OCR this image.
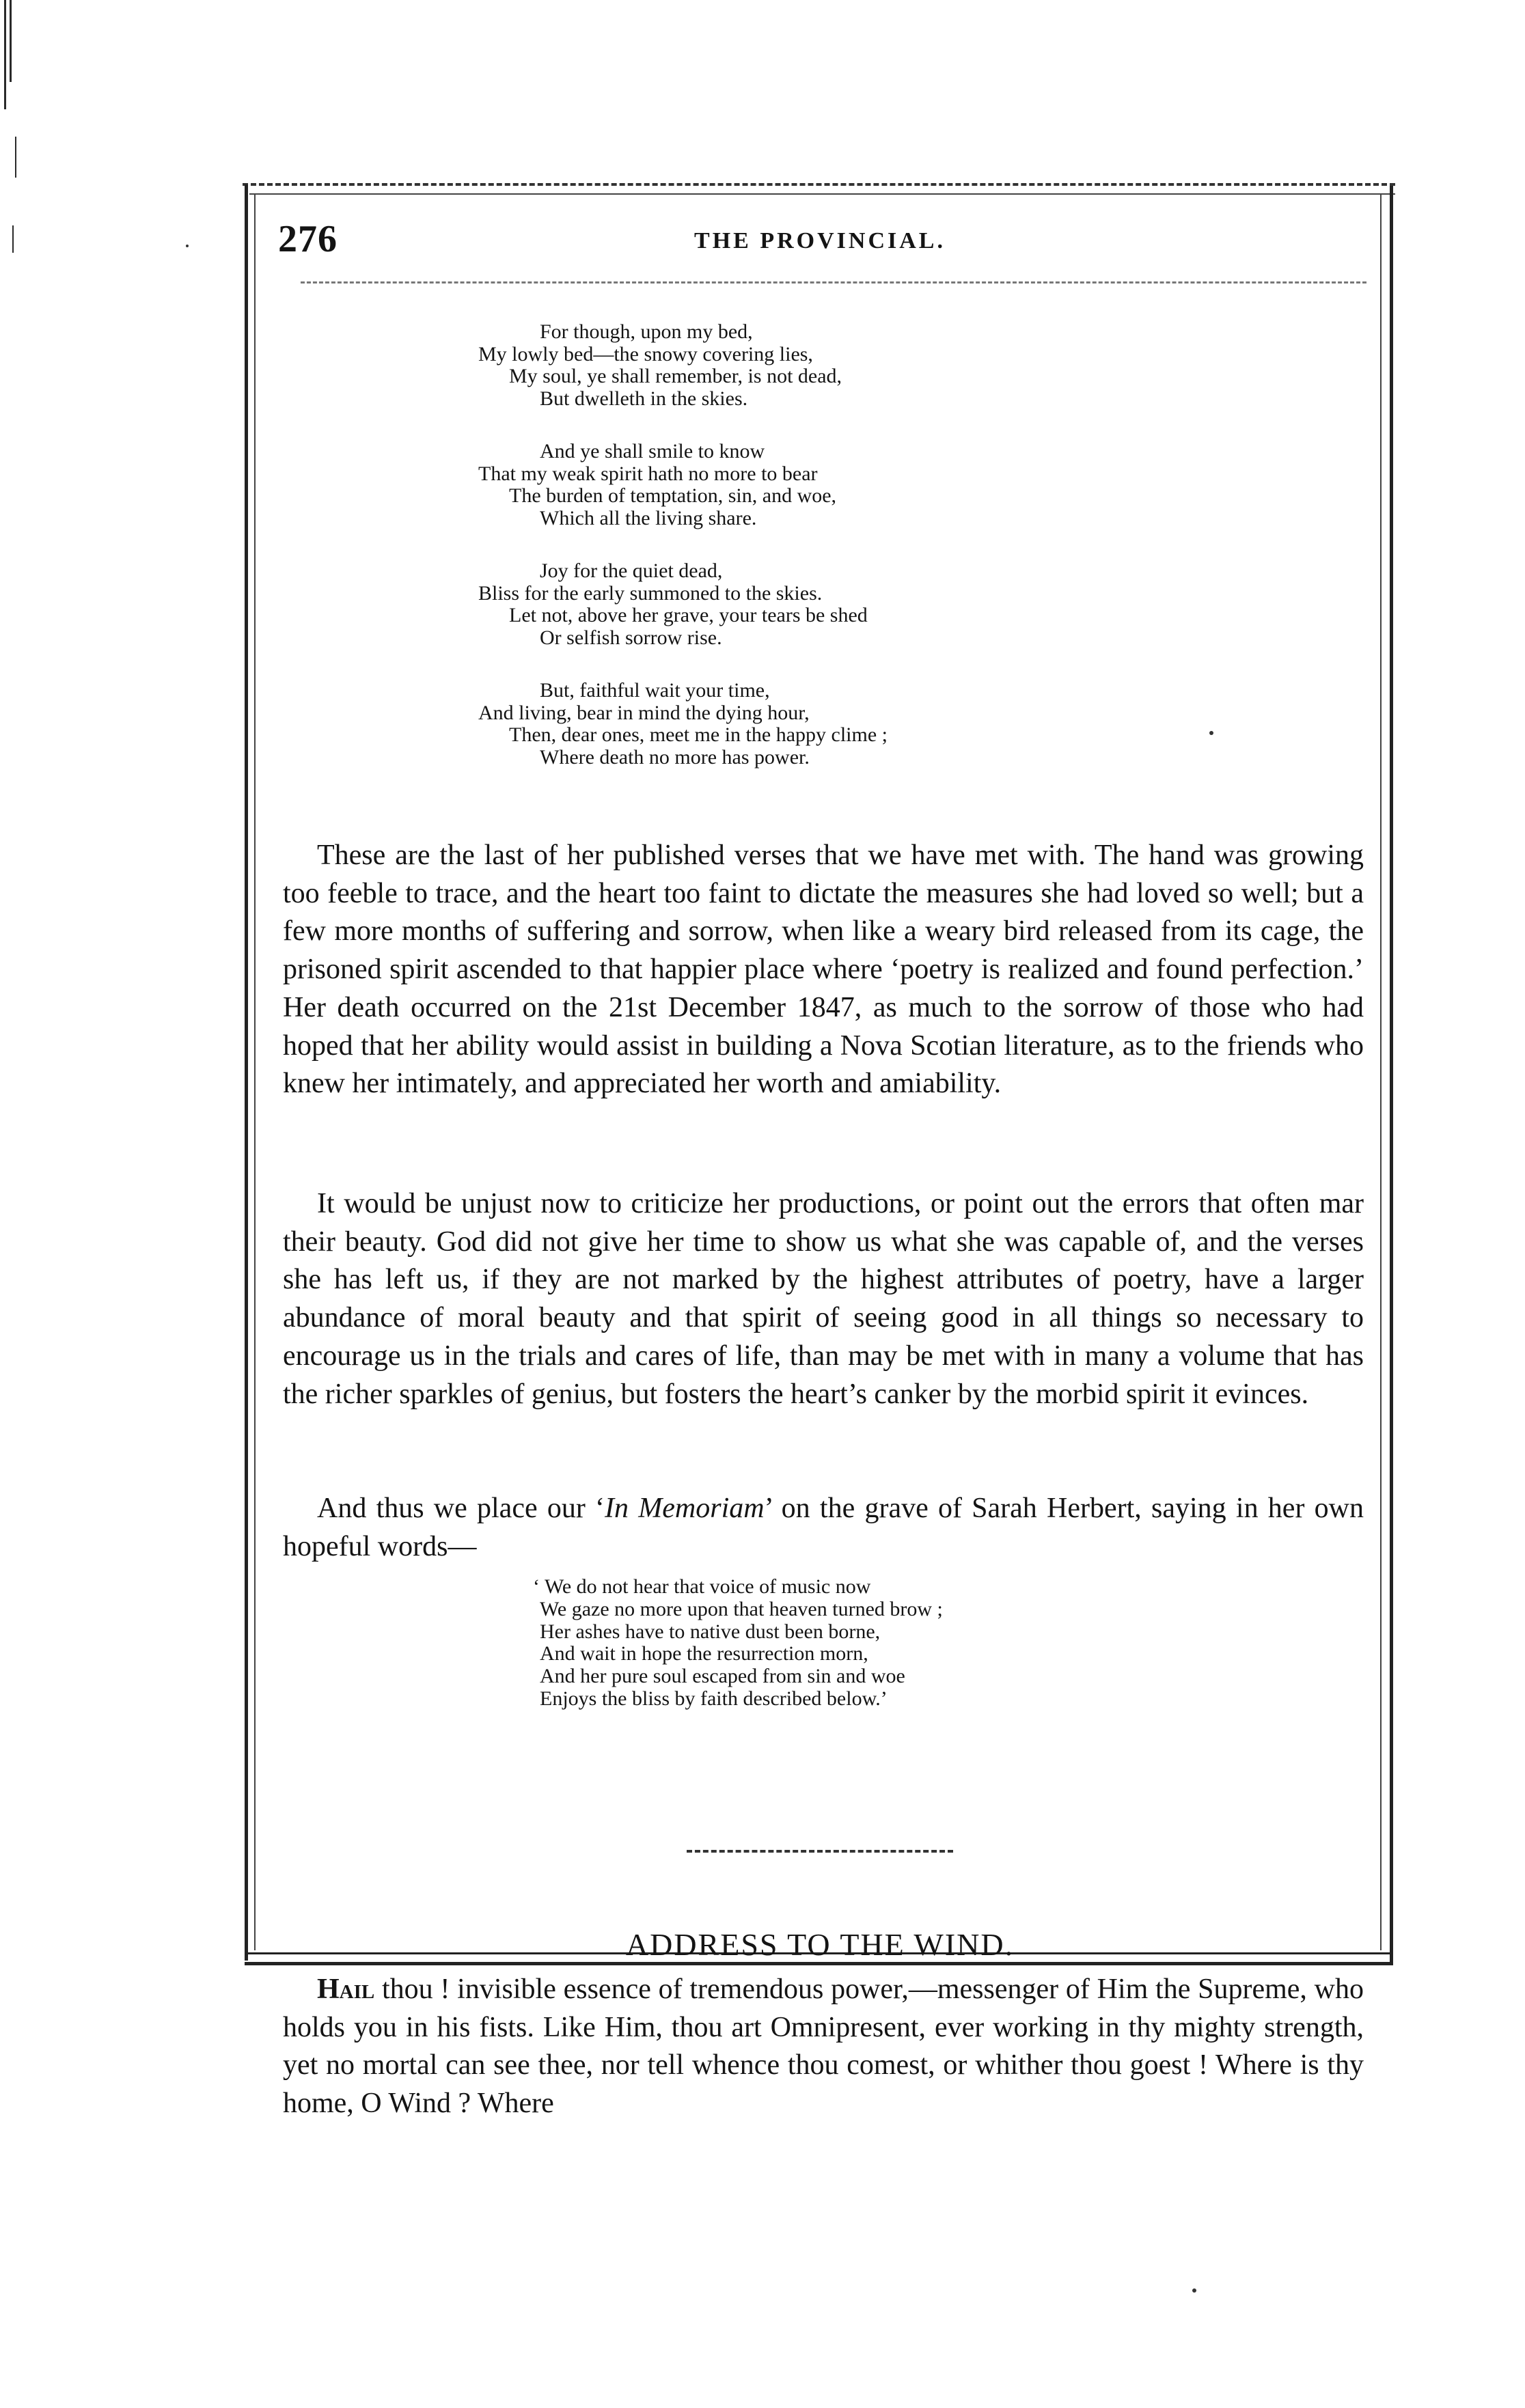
276	THE PROVINCIAL.
For though, upon my bed,
My lowly bed—the snowy covering lies,
My soul, ye shall remember, is not dead,
But dwelleth in the skies.
And ye shall smile to know
That my weak spirit hath no more to bear
The burden of temptation, sin, and woe,
Which all the living share.
Joy for the quiet dead,
Bliss for the early summoned to the skies.
Let not, above her grave, your tears be shed
Or selfish sorrow rise.
But, faithful wait your time,
And living, bear in mind the dying hour,
Then, dear ones, meet me in the happy clime ;
Where death no more has power.
These are the last of her published verses that we have met with. The hand was growing too feeble to trace, and the heart too faint to dictate the measures she had loved so well; but a few more months of suffering and sorrow, when like a weary bird released from its cage, the prisoned spirit ascended to that happier place where ‘poetry is realized and found perfection.’ Her death occurred on the 21st December 1847, as much to the sorrow of those who had hoped that her ability would assist in building a Nova Scotian literature, as to the friends who knew her intimately, and appreciated her worth and amiability.
It would be unjust now to criticize her productions, or point out the errors that often mar their beauty. God did not give her time to show us what she was capable of, and the verses she has left us, if they are not marked by the highest attributes of poetry, have a larger abundance of moral beauty and that spirit of seeing good in all things so necessary to encourage us in the trials and cares of life, than may be met with in many a volume that has the richer sparkles of genius, but fosters the heart’s canker by the morbid spirit it evinces.
And thus we place our ‘In Memoriam’ on the grave of Sarah Herbert, saying in her own hopeful words—
‘ We do not hear that voice of music now
We gaze no more upon that heaven turned brow ;
Her ashes have to native dust been borne,
And wait in hope the resurrection morn,
And her pure soul escaped from sin and woe
Enjoys the bliss by faith described below.’
ADDRESS TO THE WIND.
Hail thou ! invisible essence of tremendous power,—messenger of Him the Supreme, who holds you in his fists. Like Him, thou art Omnipresent, ever working in thy mighty strength, yet no mortal can see thee, nor tell whence thou comest, or whither thou goest ! Where is thy home, O Wind ? Where
